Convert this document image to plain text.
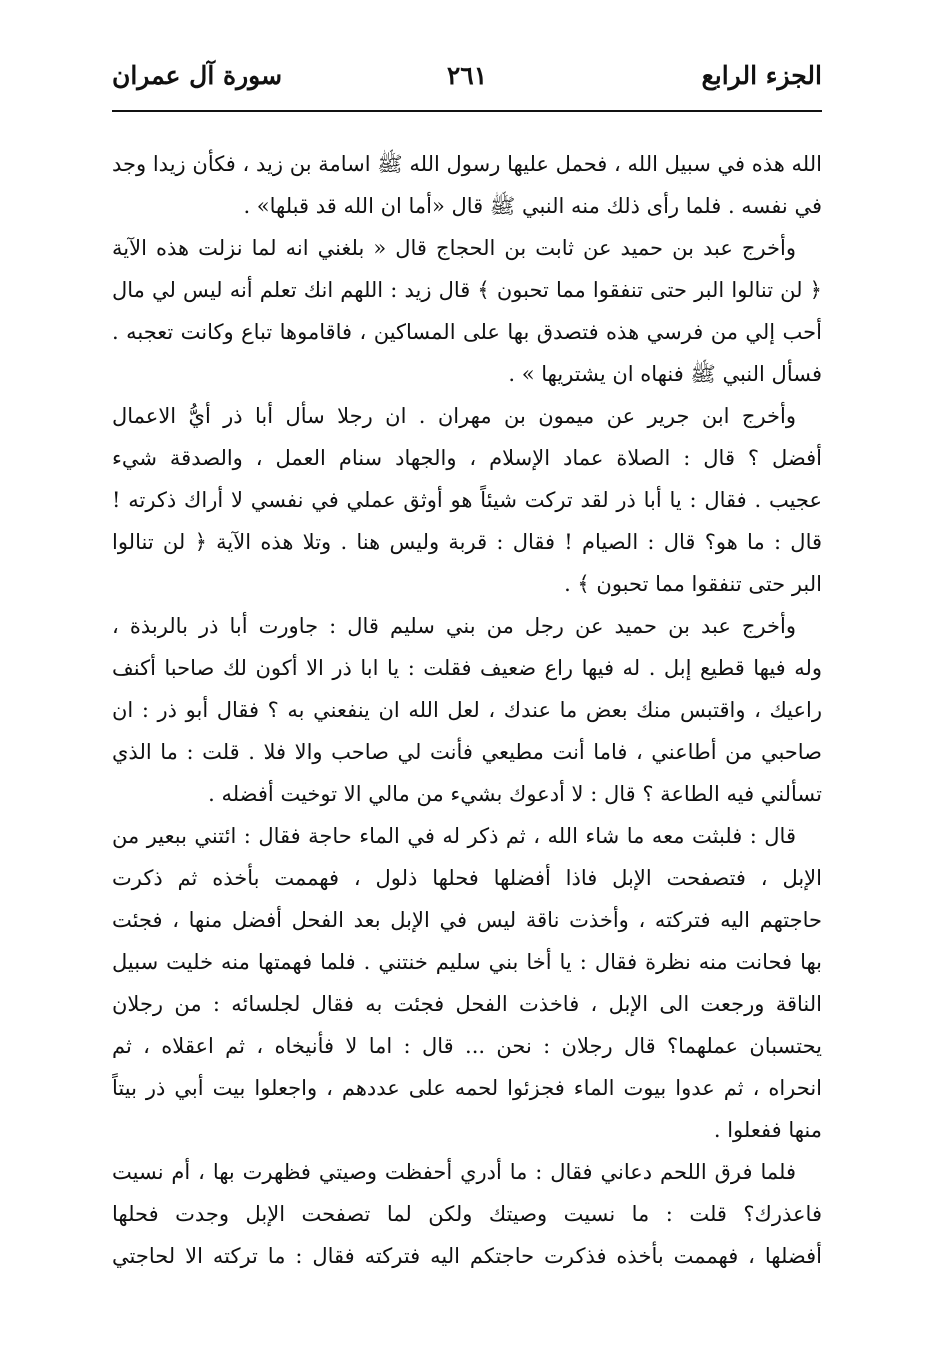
الجزء الرابع
٢٦١
سورة آل عمران
الله هذه في سبيل الله ، فحمل عليها رسول الله ﷺ اسامة بن زيد ، فكأن زيدا وجد
في نفسه . فلما رأى ذلك منه النبي ﷺ قال «أما ان الله قد قبلها» .
وأخرج عبد بن حميد عن ثابت بن الحجاج قال « بلغني انه لما نزلت هذه الآية
﴿ لن تنالوا البر حتى تنفقوا مما تحبون ﴾ قال زيد : اللهم انك تعلم أنه ليس لي مال
أحب إلي من فرسي هذه فتصدق بها على المساكين ، فاقاموها تباع وكانت تعجبه .
فسأل النبي ﷺ فنهاه ان يشتريها » .
وأخرج ابن جرير عن ميمون بن مهران . ان رجلا سأل أبا ذر أيُّ الاعمال
أفضل ؟ قال : الصلاة عماد الإسلام ، والجهاد سنام العمل ، والصدقة شيء
عجيب . فقال : يا أبا ذر لقد تركت شيئاً هو أوثق عملي في نفسي لا أراك ذكرته !
قال : ما هو؟ قال : الصيام ! فقال : قربة وليس هنا . وتلا هذه الآية ﴿ لن تنالوا
البر حتى تنفقوا مما تحبون ﴾ .
وأخرج عبد بن حميد عن رجل من بني سليم قال : جاورت أبا ذر بالربذة ،
وله فيها قطيع إبل . له فيها راع ضعيف فقلت : يا ابا ذر الا أكون لك صاحبا أكنف
راعيك ، واقتبس منك بعض ما عندك ، لعل الله ان ينفعني به ؟ فقال أبو ذر : ان
صاحبي من أطاعني ، فاما أنت مطيعي فأنت لي صاحب والا فلا . قلت : ما الذي
تسألني فيه الطاعة ؟ قال : لا أدعوك بشيء من مالي الا توخيت أفضله .
قال : فلبثت معه ما شاء الله ، ثم ذكر له في الماء حاجة فقال : ائتني ببعير من
الإبل ، فتصفحت الإبل فاذا أفضلها فحلها ذلول ، فهممت بأخذه ثم ذكرت
حاجتهم اليه فتركته ، وأخذت ناقة ليس في الإبل بعد الفحل أفضل منها ، فجئت
بها فحانت منه نظرة فقال : يا أخا بني سليم خنتني . فلما فهمتها منه خليت سبيل
الناقة ورجعت الى الإبل ، فاخذت الفحل فجئت به فقال لجلسائه : من رجلان
يحتسبان عملهما؟ قال رجلان : نحن ... قال : اما لا فأنيخاه ، ثم اعقلاه ، ثم
انحراه ، ثم عدوا بيوت الماء فجزئوا لحمه على عددهم ، واجعلوا بيت أبي ذر بيتاً
منها ففعلوا .
فلما فرق اللحم دعاني فقال : ما أدري أحفظت وصيتي فظهرت بها ، أم نسيت
فاعذرك؟ قلت : ما نسيت وصيتك ولكن لما تصفحت الإبل وجدت فحلها
أفضلها ، فهممت بأخذه فذكرت حاجتكم اليه فتركته فقال : ما تركته الا لحاجتي
